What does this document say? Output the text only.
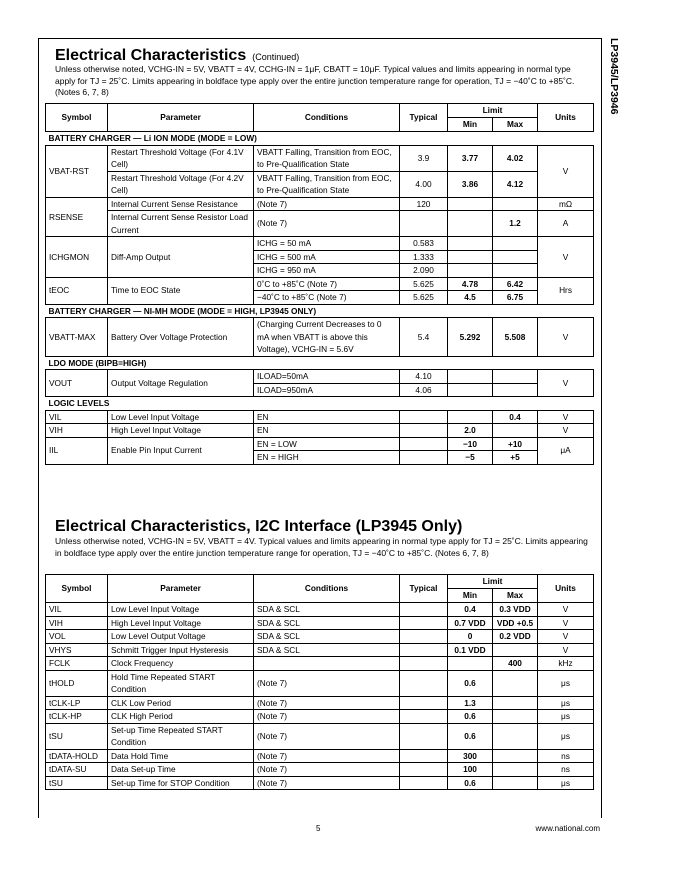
LP3945/LP3946
Electrical Characteristics (Continued)
Unless otherwise noted, VCHG-IN = 5V, VBATT = 4V, CCHG-IN = 1μF, CBATT = 10μF. Typical values and limits appearing in normal type apply for TJ = 25˚C. Limits appearing in boldface type apply over the entire junction temperature range for operation, TJ = −40˚C to +85˚C. (Notes 6, 7, 8)
Symbol	Parameter	Conditions	Typical	Limit		Units
				Min	Max	
BATTERY CHARGER — Li ION MODE (MODE = LOW)						
VBAT-RST	Restart Threshold Voltage (For 4.1V Cell)	VBATT Falling, Transition from EOC, to Pre-Qualification State	3.9	3.77	4.02	V
	Restart Threshold Voltage (For 4.2V Cell)	VBATT Falling, Transition from EOC, to Pre-Qualification State	4.00	3.86	4.12	
RSENSE	Internal Current Sense Resistance	(Note 7)	120			mΩ
	Internal Current Sense Resistor Load Current	(Note 7)			1.2	A
ICHGMON	Diff-Amp Output	ICHG = 50 mA	0.583			V
		ICHG = 500 mA	1.333			
		ICHG = 950 mA	2.090			
tEOC	Time to EOC State	0˚C to +85˚C (Note 7)	5.625	4.78	6.42	Hrs
		−40˚C to +85˚C (Note 7)	5.625	4.5	6.75	
BATTERY CHARGER — NI-MH MODE (MODE = HIGH, LP3945 ONLY)						
VBATT-MAX	Battery Over Voltage Protection	(Charging Current Decreases to 0 mA when VBATT is above this Voltage), VCHG-IN = 5.6V	5.4	5.292	5.508	V
LDO MODE (BIPB=HIGH)						
VOUT	Output Voltage Regulation	ILOAD=50mA	4.10			V
		ILOAD=950mA	4.06			
LOGIC LEVELS						
VIL	Low Level Input Voltage	EN			0.4	V
VIH	High Level Input Voltage	EN		2.0		V
IIL	Enable Pin Input Current	EN = LOW		−10	+10	μA
		EN = HIGH		−5	+5	
Electrical Characteristics, I2C Interface (LP3945 Only)
Unless otherwise noted, VCHG-IN = 5V, VBATT = 4V. Typical values and limits appearing in normal type apply for TJ = 25˚C. Limits appearing in boldface type apply over the entire junction temperature range for operation, TJ = −40˚C to +85˚C. (Notes 6, 7, 8)
Symbol	Parameter	Conditions	Typical	Limit		Units
				Min	Max	
VIL	Low Level Input Voltage	SDA & SCL		0.4	0.3 VDD	V
VIH	High Level Input Voltage	SDA & SCL		0.7 VDD	VDD +0.5	V
VOL	Low Level Output Voltage	SDA & SCL		0	0.2 VDD	V
VHYS	Schmitt Trigger Input Hysteresis	SDA & SCL		0.1 VDD		V
FCLK	Clock Frequency				400	kHz
tHOLD	Hold Time Repeated START Condition	(Note 7)		0.6		μs
tCLK-LP	CLK Low Period	(Note 7)		1.3		μs
tCLK-HP	CLK High Period	(Note 7)		0.6		μs
tSU	Set-up Time Repeated START Condition	(Note 7)		0.6		μs
tDATA-HOLD	Data Hold Time	(Note 7)		300		ns
tDATA-SU	Data Set-up Time	(Note 7)		100		ns
tSU	Set-up Time for STOP Condition	(Note 7)		0.6		μs
5	www.national.com
